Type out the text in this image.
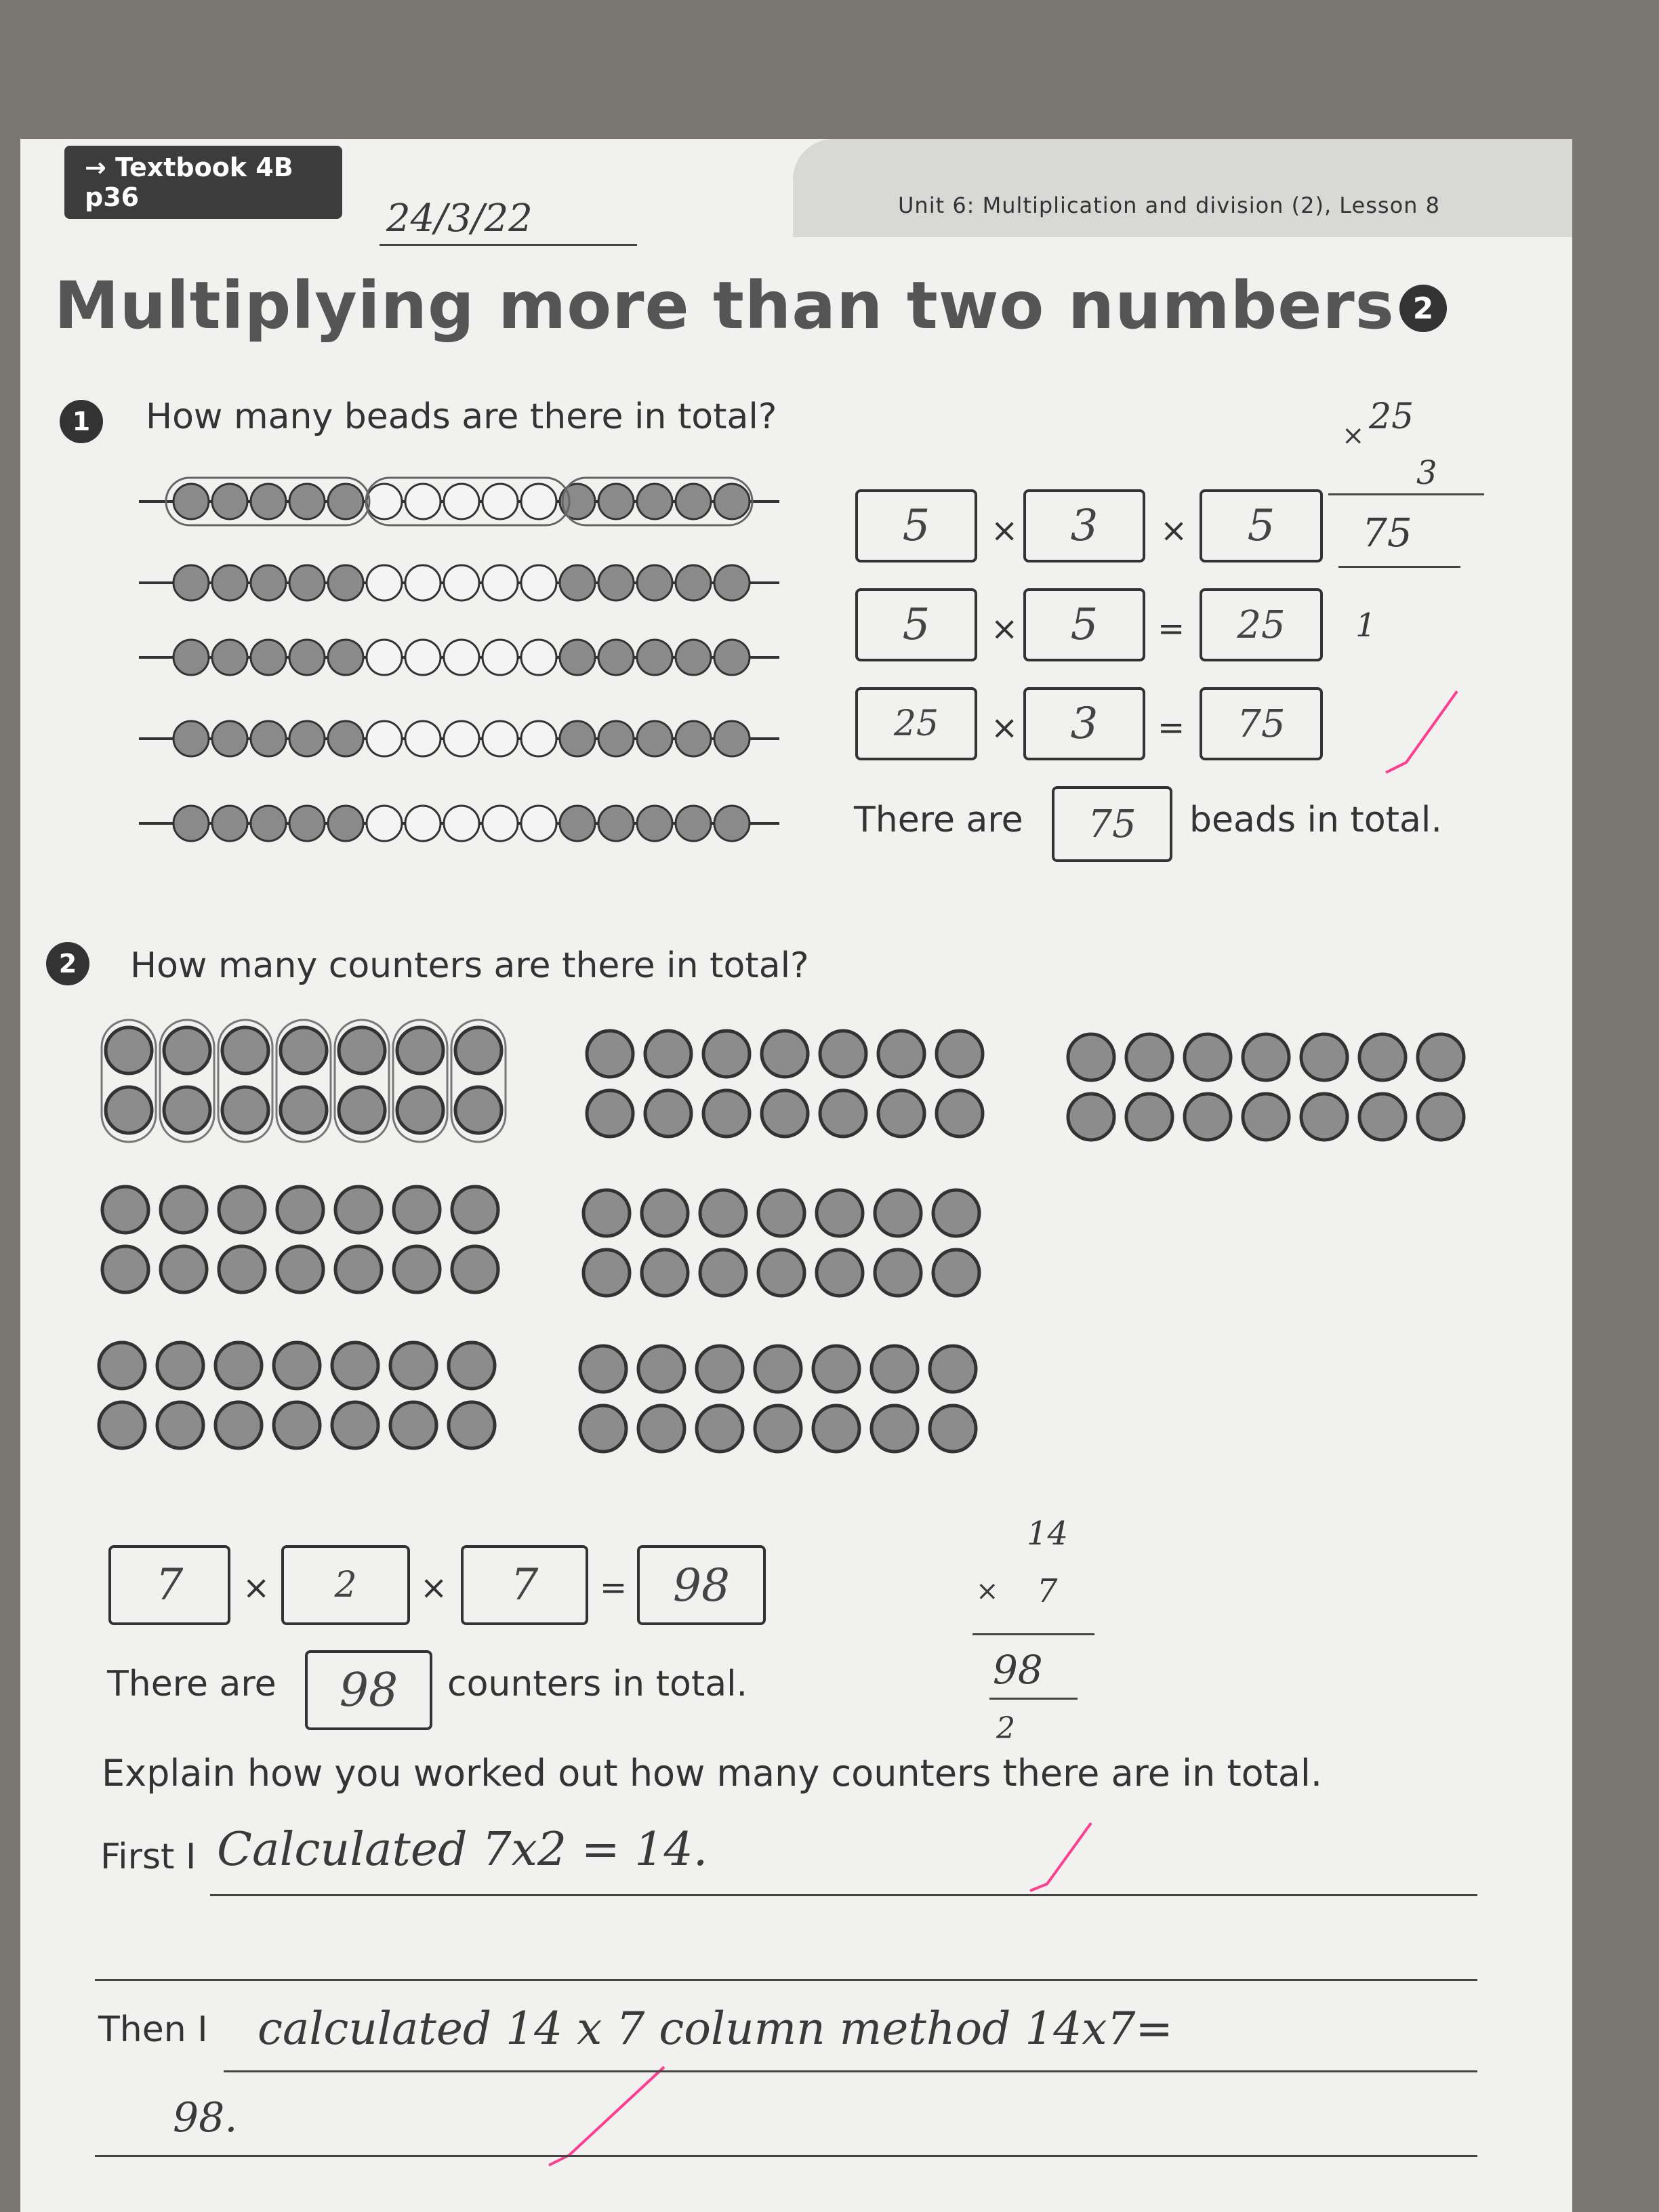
→ Textbook 4B p36	Unit 6: Multiplication and division (2), Lesson 8
24/3/22
Multiplying more than two numbers 2
1	How many beads are there in total?
5	×	3	×	5
5	×	5	=	25
25	×	3	=	75
There are	75	beads in total.
25
×
3
75
1
2	How many counters are there in total?
7	×	2	×	7	=	98
There are	98	counters in total.
14
× 7
98
2
Explain how you worked out how many counters there are in total.
First I Calculated 7x2 = 14.
Then I calculated 14 x 7 column method 14x7=
98.
